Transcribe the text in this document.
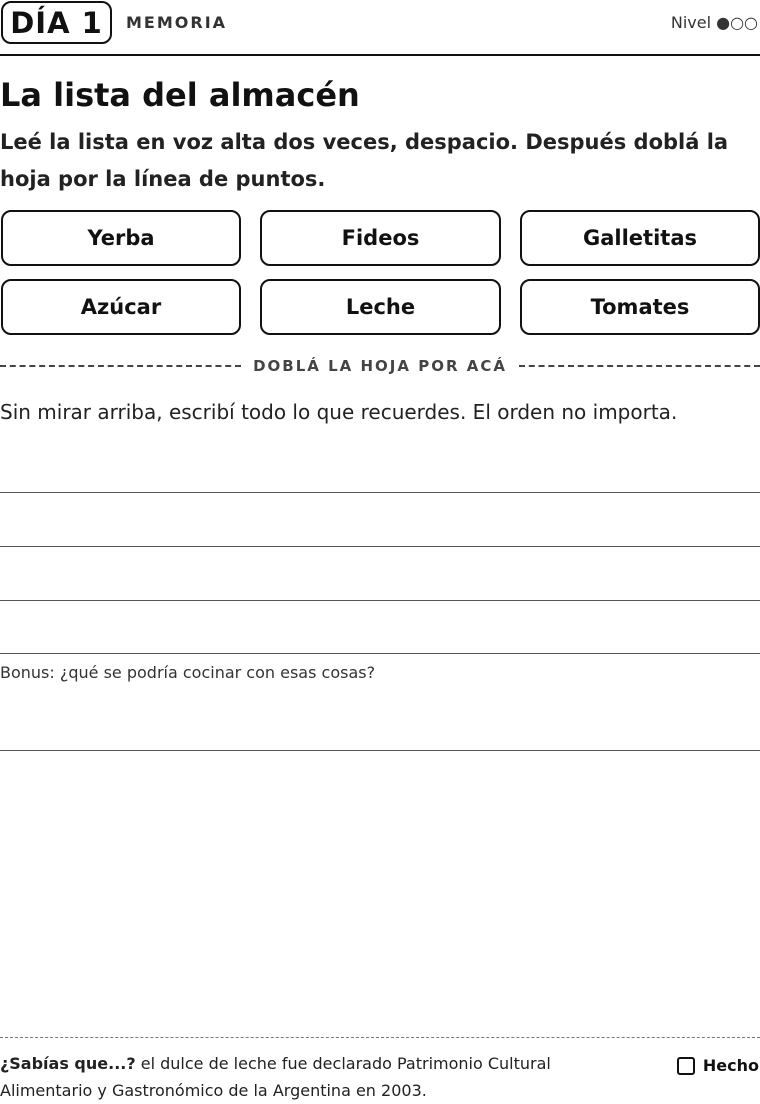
DÍA 1	MEMORIA	Nivel ●○○
La lista del almacén

Leé la lista en voz alta dos veces, despacio. Después doblá la hoja por la línea de puntos.

Yerba	Fideos	Galletitas
Azúcar	Leche	Tomates
DOBLÁ LA HOJA POR ACÁ

Sin mirar arriba, escribí todo lo que recuerdes. El orden no importa.

Bonus: ¿qué se podría cocinar con esas cosas?

¿Sabías que...? el dulce de leche fue declarado Patrimonio Cultural Alimentario y Gastronómico de la Argentina en 2003.

Hecho
